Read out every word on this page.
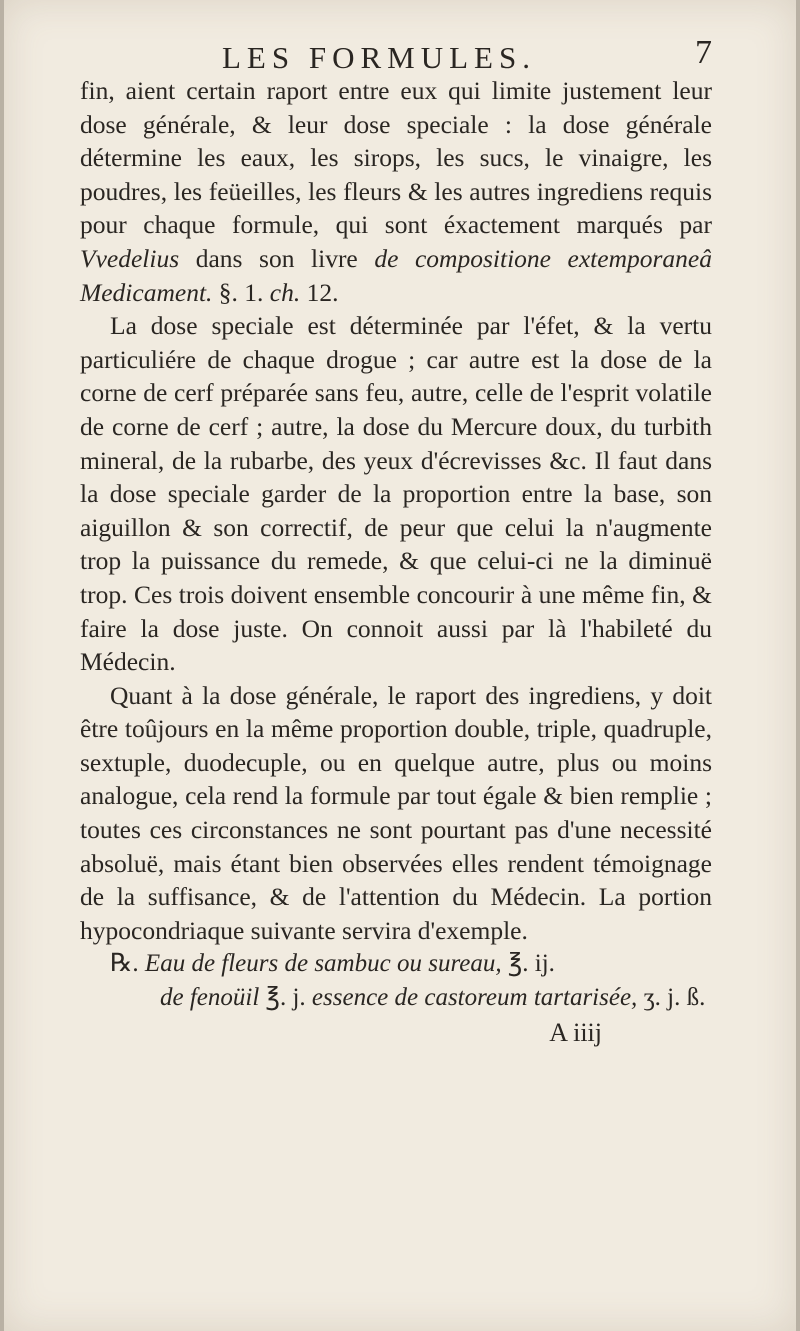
LES FORMULES.	7

fin, aient certain raport entre eux qui limite justement leur dose générale, & leur dose speciale : la dose générale détermine les eaux, les sirops, les sucs, le vinaigre, les poudres, les feüeilles, les fleurs & les autres ingrediens requis pour chaque formule, qui sont éxactement marqués par Vvedelius dans son livre de compositione extemporaneâ Medicament. §. 1. ch. 12.

La dose speciale est déterminée par l'éfet, & la vertu particuliére de chaque drogue ; car autre est la dose de la corne de cerf préparée sans feu, autre, celle de l'esprit volatile de corne de cerf ; autre, la dose du Mercure doux, du turbith mineral, de la rubarbe, des yeux d'écrevisses &c. Il faut dans la dose speciale garder de la proportion entre la base, son aiguillon & son correctif, de peur que celui la n'augmente trop la puissance du remede, & que celui-ci ne la diminuë trop. Ces trois doivent ensemble concourir à une même fin, & faire la dose juste. On connoit aussi par là l'habileté du Médecin.

Quant à la dose générale, le raport des ingrediens, y doit être toûjours en la même proportion double, triple, quadruple, sextuple, duodecuple, ou en quelque autre, plus ou moins analogue, cela rend la formule par tout égale & bien remplie ; toutes ces circonstances ne sont pourtant pas d'une necessité absoluë, mais étant bien observées elles rendent témoignage de la suffisance, & de l'attention du Médecin. La portion hypocondriaque suivante servira d'exemple.

℞. Eau de fleurs de sambuc ou sureau, ℥. ij.
de fenoüil ℥. j. essence de castoreum tartarisée, ʒ. j. ß.
A iiij
